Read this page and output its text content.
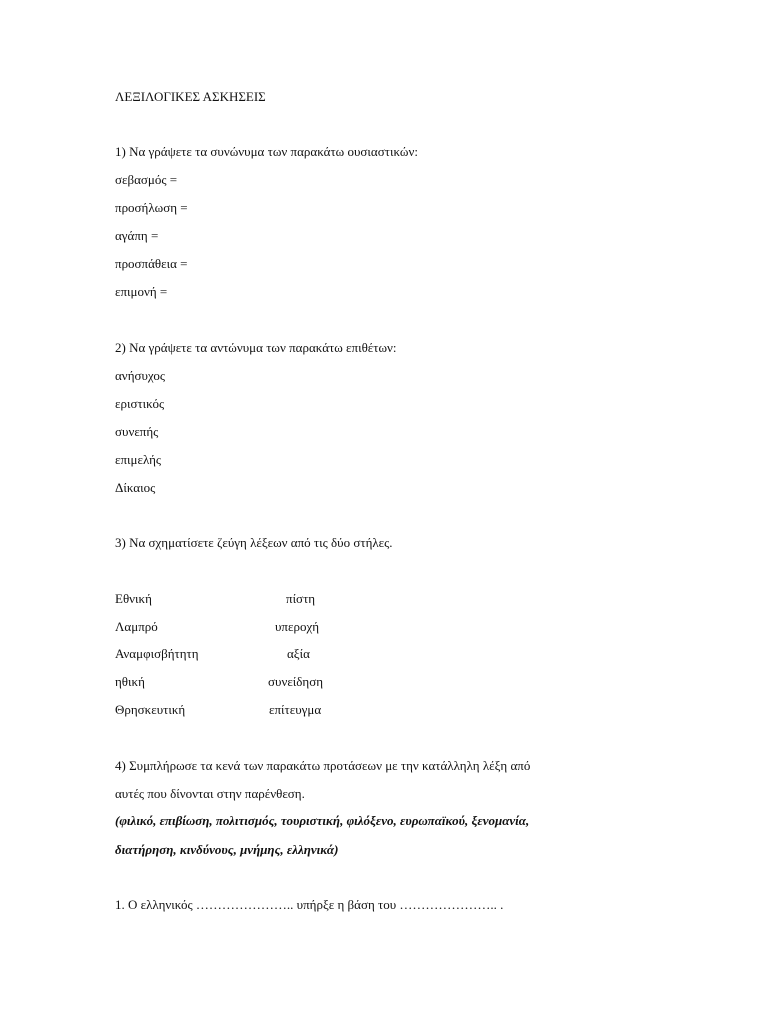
ΛΕΞΙΛΟΓΙΚΕΣ ΑΣΚΗΣΕΙΣ
1) Να γράψετε τα συνώνυμα των παρακάτω ουσιαστικών:
σεβασμός =
προσήλωση =
αγάπη =
προσπάθεια =
επιμονή =
2) Να γράψετε τα αντώνυμα των παρακάτω επιθέτων:
ανήσυχος
εριστικός
συνεπής
επιμελής
Δίκαιος
3) Να σχηματίσετε ζεύγη λέξεων από τις δύο στήλες.
Εθνική	πίστη
Λαμπρό	υπεροχή
Αναμφισβήτητη	αξία
ηθική	συνείδηση
Θρησκευτική	επίτευγμα
4) Συμπλήρωσε τα κενά των παρακάτω προτάσεων με την κατάλληλη λέξη από
αυτές που δίνονται στην παρένθεση.
(φιλικό, επιβίωση, πολιτισμός, τουριστική, φιλόξενο, ευρωπαϊκού, ξενομανία,
διατήρηση, κινδύνους, μνήμης, ελληνικά)
1. Ο ελληνικός ………………….. υπήρξε η βάση του ………………….. .
